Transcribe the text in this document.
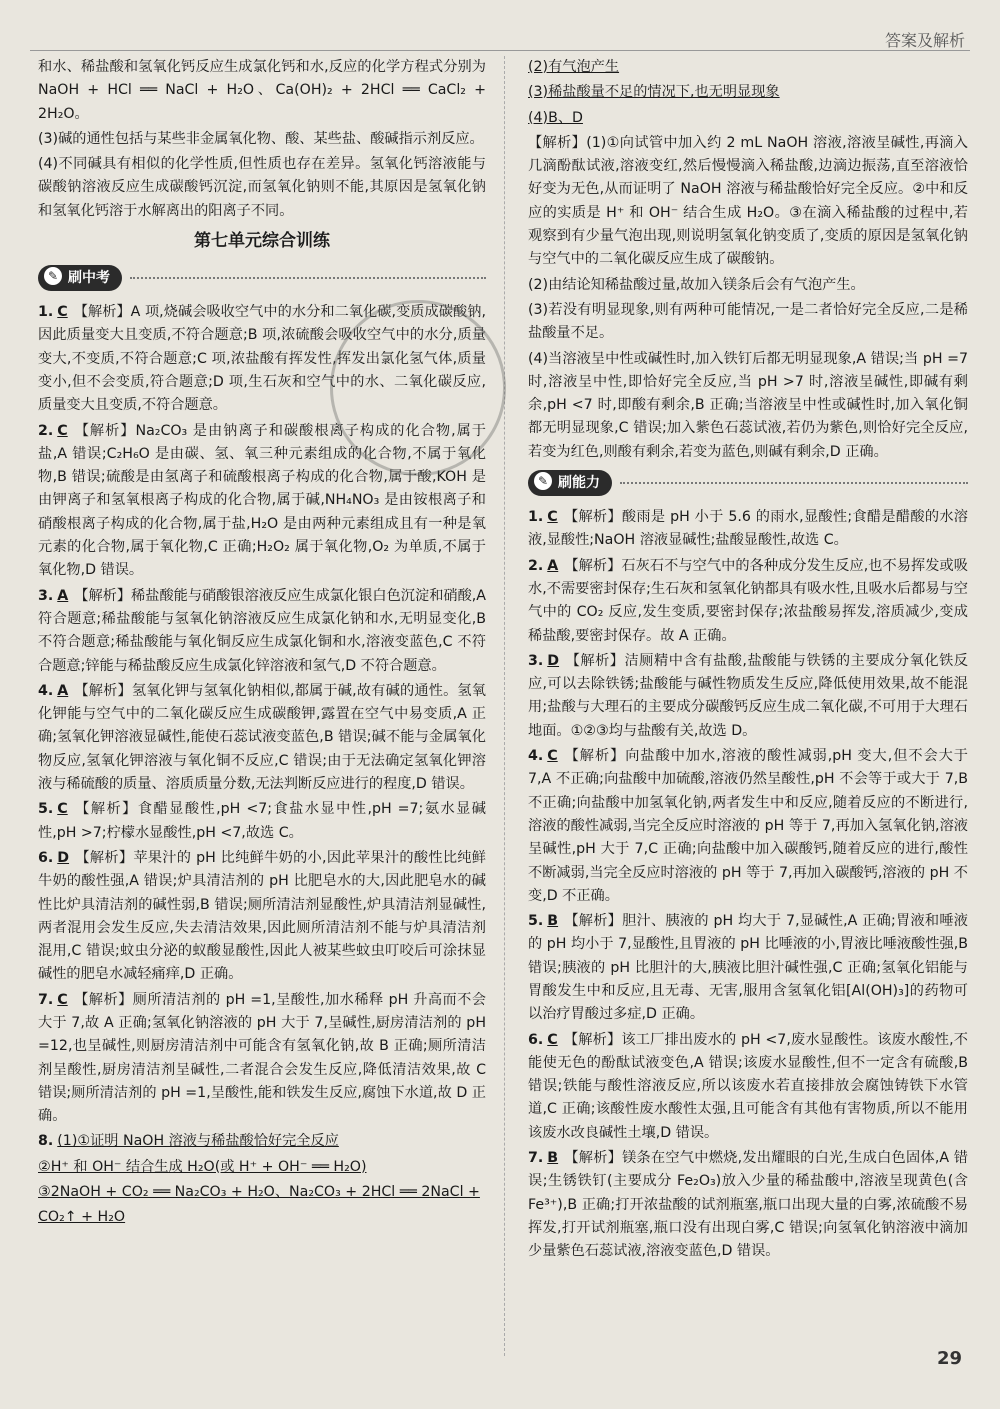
答案及解析

和水、稀盐酸和氢氧化钙反应生成氯化钙和水,反应的化学方程式分别为 NaOH + HCl ══ NaCl + H₂O、Ca(OH)₂ + 2HCl ══ CaCl₂ + 2H₂O。

(3)碱的通性包括与某些非金属氧化物、酸、某些盐、酸碱指示剂反应。

(4)不同碱具有相似的化学性质,但性质也存在差异。氢氧化钙溶液能与碳酸钠溶液反应生成碳酸钙沉淀,而氢氧化钠则不能,其原因是氢氧化钠和氢氧化钙溶于水解离出的阳离子不同。

第七单元综合训练
✎ 刷中考

1. C 【解析】A 项,烧碱会吸收空气中的水分和二氧化碳,变质成碳酸钠,因此质量变大且变质,不符合题意;B 项,浓硫酸会吸收空气中的水分,质量变大,不变质,不符合题意;C 项,浓盐酸有挥发性,挥发出氯化氢气体,质量变小,但不会变质,符合题意;D 项,生石灰和空气中的水、二氧化碳反应,质量变大且变质,不符合题意。

2. C 【解析】Na₂CO₃ 是由钠离子和碳酸根离子构成的化合物,属于盐,A 错误;C₂H₆O 是由碳、氢、氧三种元素组成的化合物,不属于氧化物,B 错误;硫酸是由氢离子和硫酸根离子构成的化合物,属于酸,KOH 是由钾离子和氢氧根离子构成的化合物,属于碱,NH₄NO₃ 是由铵根离子和硝酸根离子构成的化合物,属于盐,H₂O 是由两种元素组成且有一种是氧元素的化合物,属于氧化物,C 正确;H₂O₂ 属于氧化物,O₂ 为单质,不属于氧化物,D 错误。

3. A 【解析】稀盐酸能与硝酸银溶液反应生成氯化银白色沉淀和硝酸,A 符合题意;稀盐酸能与氢氧化钠溶液反应生成氯化钠和水,无明显变化,B 不符合题意;稀盐酸能与氧化铜反应生成氯化铜和水,溶液变蓝色,C 不符合题意;锌能与稀盐酸反应生成氯化锌溶液和氢气,D 不符合题意。

4. A 【解析】氢氧化钾与氢氧化钠相似,都属于碱,故有碱的通性。氢氧化钾能与空气中的二氧化碳反应生成碳酸钾,露置在空气中易变质,A 正确;氢氧化钾溶液显碱性,能使石蕊试液变蓝色,B 错误;碱不能与金属氧化物反应,氢氧化钾溶液与氧化铜不反应,C 错误;由于无法确定氢氧化钾溶液与稀硫酸的质量、溶质质量分数,无法判断反应进行的程度,D 错误。

5. C 【解析】食醋显酸性,pH <7;食盐水显中性,pH =7;氨水显碱性,pH >7;柠檬水显酸性,pH <7,故选 C。

6. D 【解析】苹果汁的 pH 比纯鲜牛奶的小,因此苹果汁的酸性比纯鲜牛奶的酸性强,A 错误;炉具清洁剂的 pH 比肥皂水的大,因此肥皂水的碱性比炉具清洁剂的碱性弱,B 错误;厕所清洁剂显酸性,炉具清洁剂显碱性,两者混用会发生反应,失去清洁效果,因此厕所清洁剂不能与炉具清洁剂混用,C 错误;蚊虫分泌的蚁酸显酸性,因此人被某些蚊虫叮咬后可涂抹显碱性的肥皂水减轻痛痒,D 正确。

7. C 【解析】厕所清洁剂的 pH =1,呈酸性,加水稀释 pH 升高而不会大于 7,故 A 正确;氢氧化钠溶液的 pH 大于 7,呈碱性,厨房清洁剂的 pH =12,也呈碱性,则厨房清洁剂中可能含有氢氧化钠,故 B 正确;厕所清洁剂呈酸性,厨房清洁剂呈碱性,二者混合会发生反应,降低清洁效果,故 C 错误;厕所清洁剂的 pH =1,呈酸性,能和铁发生反应,腐蚀下水道,故 D 正确。

8. (1)①证明 NaOH 溶液与稀盐酸恰好完全反应

②H⁺ 和 OH⁻ 结合生成 H₂O(或 H⁺ + OH⁻ ══ H₂O)

③2NaOH + CO₂ ══ Na₂CO₃ + H₂O、Na₂CO₃ + 2HCl ══ 2NaCl +

CO₂↑ + H₂O

(2)有气泡产生

(3)稀盐酸量不足的情况下,也无明显现象

(4)B、D

【解析】(1)①向试管中加入约 2 mL NaOH 溶液,溶液呈碱性,再滴入几滴酚酞试液,溶液变红,然后慢慢滴入稀盐酸,边滴边振荡,直至溶液恰好变为无色,从而证明了 NaOH 溶液与稀盐酸恰好完全反应。②中和反应的实质是 H⁺ 和 OH⁻ 结合生成 H₂O。③在滴入稀盐酸的过程中,若观察到有少量气泡出现,则说明氢氧化钠变质了,变质的原因是氢氧化钠与空气中的二氧化碳反应生成了碳酸钠。

(2)由结论知稀盐酸过量,故加入镁条后会有气泡产生。

(3)若没有明显现象,则有两种可能情况,一是二者恰好完全反应,二是稀盐酸量不足。

(4)当溶液呈中性或碱性时,加入铁钉后都无明显现象,A 错误;当 pH =7 时,溶液呈中性,即恰好完全反应,当 pH >7 时,溶液呈碱性,即碱有剩余,pH <7 时,即酸有剩余,B 正确;当溶液呈中性或碱性时,加入氧化铜都无明显现象,C 错误;加入紫色石蕊试液,若仍为紫色,则恰好完全反应,若变为红色,则酸有剩余,若变为蓝色,则碱有剩余,D 正确。

✎ 刷能力

1. C 【解析】酸雨是 pH 小于 5.6 的雨水,显酸性;食醋是醋酸的水溶液,显酸性;NaOH 溶液显碱性;盐酸显酸性,故选 C。

2. A 【解析】石灰石不与空气中的各种成分发生反应,也不易挥发或吸水,不需要密封保存;生石灰和氢氧化钠都具有吸水性,且吸水后都易与空气中的 CO₂ 反应,发生变质,要密封保存;浓盐酸易挥发,溶质减少,变成稀盐酸,要密封保存。故 A 正确。

3. D 【解析】洁厕精中含有盐酸,盐酸能与铁锈的主要成分氧化铁反应,可以去除铁锈;盐酸能与碱性物质发生反应,降低使用效果,故不能混用;盐酸与大理石的主要成分碳酸钙反应生成二氧化碳,不可用于大理石地面。①②③均与盐酸有关,故选 D。

4. C 【解析】向盐酸中加水,溶液的酸性减弱,pH 变大,但不会大于 7,A 不正确;向盐酸中加硫酸,溶液仍然呈酸性,pH 不会等于或大于 7,B 不正确;向盐酸中加氢氧化钠,两者发生中和反应,随着反应的不断进行,溶液的酸性减弱,当完全反应时溶液的 pH 等于 7,再加入氢氧化钠,溶液呈碱性,pH 大于 7,C 正确;向盐酸中加入碳酸钙,随着反应的进行,酸性不断减弱,当完全反应时溶液的 pH 等于 7,再加入碳酸钙,溶液的 pH 不变,D 不正确。

5. B 【解析】胆汁、胰液的 pH 均大于 7,显碱性,A 正确;胃液和唾液的 pH 均小于 7,显酸性,且胃液的 pH 比唾液的小,胃液比唾液酸性强,B 错误;胰液的 pH 比胆汁的大,胰液比胆汁碱性强,C 正确;氢氧化铝能与胃酸发生中和反应,且无毒、无害,服用含氢氧化铝[Al(OH)₃]的药物可以治疗胃酸过多症,D 正确。

6. C 【解析】该工厂排出废水的 pH <7,废水显酸性。该废水酸性,不能使无色的酚酞试液变色,A 错误;该废水显酸性,但不一定含有硫酸,B 错误;铁能与酸性溶液反应,所以该废水若直接排放会腐蚀铸铁下水管道,C 正确;该酸性废水酸性太强,且可能含有其他有害物质,所以不能用该废水改良碱性土壤,D 错误。

7. B 【解析】镁条在空气中燃烧,发出耀眼的白光,生成白色固体,A 错误;生锈铁钉(主要成分 Fe₂O₃)放入少量的稀盐酸中,溶液呈现黄色(含 Fe³⁺),B 正确;打开浓盐酸的试剂瓶塞,瓶口出现大量的白雾,浓硫酸不易挥发,打开试剂瓶塞,瓶口没有出现白雾,C 错误;向氢氧化钠溶液中滴加少量紫色石蕊试液,溶液变蓝色,D 错误。

29
